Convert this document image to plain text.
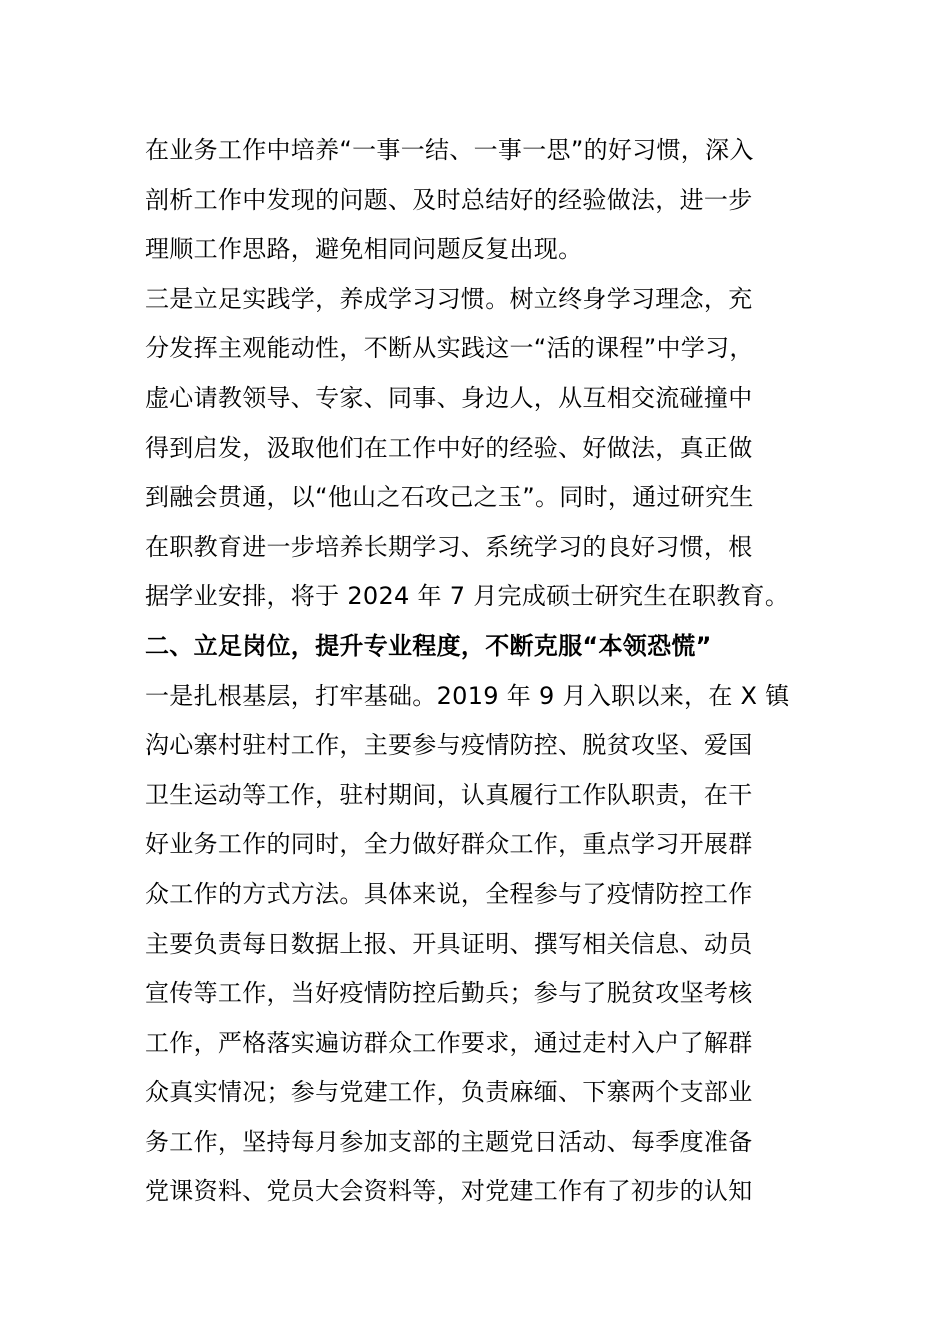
在业务工作中培养“一事一结、一事一思”的好习惯，深入
剖析工作中发现的问题、及时总结好的经验做法，进一步
理顺工作思路，避免相同问题反复出现。
三是立足实践学，养成学习习惯。树立终身学习理念，充
分发挥主观能动性，不断从实践这一“活的课程”中学习，
虚心请教领导、专家、同事、身边人，从互相交流碰撞中
得到启发，汲取他们在工作中好的经验、好做法，真正做
到融会贯通，以“他山之石攻己之玉”。同时，通过研究生
在职教育进一步培养长期学习、系统学习的良好习惯，根
据学业安排，将于 2024 年 7 月完成硕士研究生在职教育。
二、立足岗位，提升专业程度，不断克服“本领恐慌”
一是扎根基层，打牢基础。2019 年 9 月入职以来，在 X 镇
沟心寨村驻村工作，主要参与疫情防控、脱贫攻坚、爱国
卫生运动等工作，驻村期间，认真履行工作队职责，在干
好业务工作的同时，全力做好群众工作，重点学习开展群
众工作的方式方法。具体来说，全程参与了疫情防控工作
主要负责每日数据上报、开具证明、撰写相关信息、动员
宣传等工作，当好疫情防控后勤兵；参与了脱贫攻坚考核
工作，严格落实遍访群众工作要求，通过走村入户了解群
众真实情况；参与党建工作，负责麻缅、下寨两个支部业
务工作，坚持每月参加支部的主题党日活动、每季度准备
党课资料、党员大会资料等，对党建工作有了初步的认知
